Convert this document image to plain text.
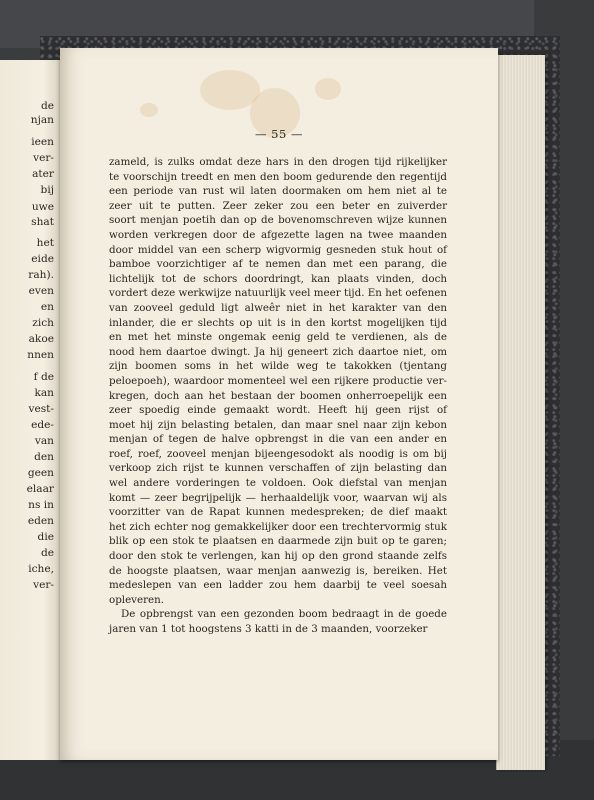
de
njan
ieen
ver-
ater
bij
uwe
shat
het
eide
rah).
even
en
zich
akoe
nnen
f de
kan
vest-
ede-
van
den
geen
elaar
ns in
eden
die
de
iche,
ver-
— 55 —
zameld, is zulks omdat deze hars in den drogen tijd rijkelijker
te voorschijn treedt en men den boom gedurende den regentijd
een periode van rust wil laten doormaken om hem niet al te
zeer uit te putten. Zeer zeker zou een beter en zuiverder
soort menjan poetih dan op de bovenomschreven wijze kunnen
worden verkregen door de afgezette lagen na twee maanden
door middel van een scherp wigvormig gesneden stuk hout of
bamboe voorzichtiger af te nemen dan met een parang, die
lichtelijk tot de schors doordringt, kan plaats vinden, doch
vordert deze werkwijze natuurlijk veel meer tijd. En het oefenen
van zooveel geduld ligt alweêr niet in het karakter van den
inlander, die er slechts op uit is in den kortst mogelijken tijd
en met het minste ongemak eenig geld te verdienen, als de
nood hem daartoe dwingt. Ja hij geneert zich daartoe niet, om
zijn boomen soms in het wilde weg te takokken (tjentang
peloepoeh), waardoor momenteel wel een rijkere productie ver-
kregen, doch aan het bestaan der boomen onherroepelijk een
zeer spoedig einde gemaakt wordt. Heeft hij geen rijst of
moet hij zijn belasting betalen, dan maar snel naar zijn kebon
menjan of tegen de halve opbrengst in die van een ander en
roef, roef, zooveel menjan bijeengesodokt als noodig is om bij
verkoop zich rijst te kunnen verschaffen of zijn belasting dan
wel andere vorderingen te voldoen. Ook diefstal van menjan
komt — zeer begrijpelijk — herhaaldelijk voor, waarvan wij als
voorzitter van de Rapat kunnen medespreken; de dief maakt
het zich echter nog gemakkelijker door een trechtervormig stuk
blik op een stok te plaatsen en daarmede zijn buit op te garen;
door den stok te verlengen, kan hij op den grond staande zelfs
de hoogste plaatsen, waar menjan aanwezig is, bereiken. Het
medeslepen van een ladder zou hem daarbij te veel soesah
opleveren.
De opbrengst van een gezonden boom bedraagt in de goede
jaren van 1 tot hoogstens 3 katti in de 3 maanden, voorzeker
